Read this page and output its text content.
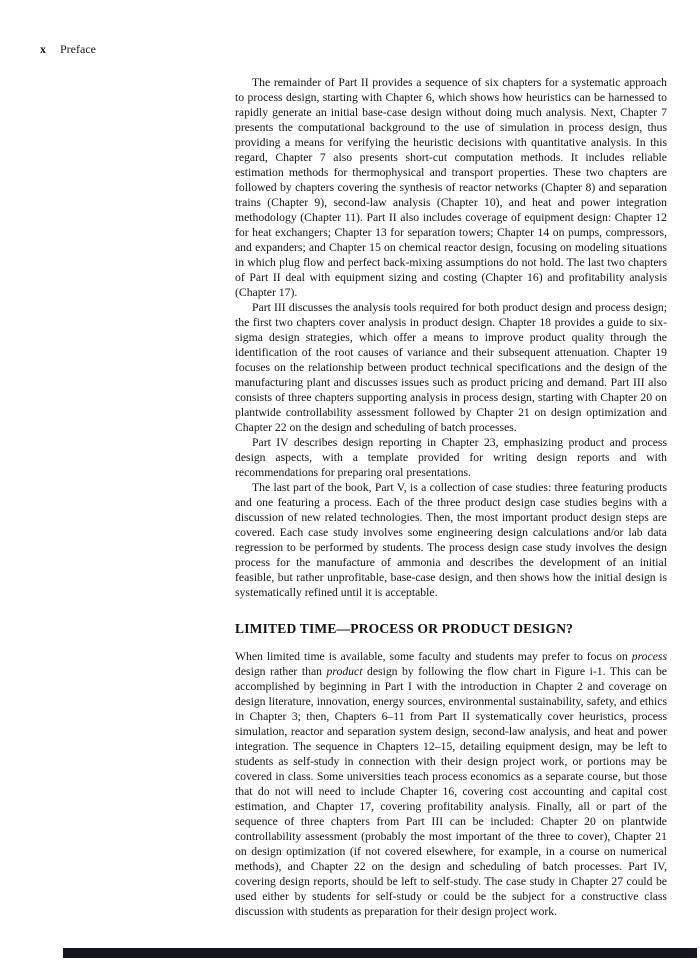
x Preface

The remainder of Part II provides a sequence of six chapters for a systematic approach to process design, starting with Chapter 6, which shows how heuristics can be harnessed to rapidly generate an initial base-case design without doing much analysis. Next, Chapter 7 presents the computational background to the use of simulation in process design, thus providing a means for verifying the heuristic decisions with quantitative analysis. In this regard, Chapter 7 also presents short-cut computation methods. It includes reliable estimation methods for thermophysical and transport properties. These two chapters are followed by chapters covering the synthesis of reactor networks (Chapter 8) and separation trains (Chapter 9), second-law analysis (Chapter 10), and heat and power integration methodology (Chapter 11). Part II also includes coverage of equipment design: Chapter 12 for heat exchangers; Chapter 13 for separation towers; Chapter 14 on pumps, compressors, and expanders; and Chapter 15 on chemical reactor design, focusing on modeling situations in which plug flow and perfect back-mixing assumptions do not hold. The last two chapters of Part II deal with equipment sizing and costing (Chapter 16) and profitability analysis (Chapter 17).

Part III discusses the analysis tools required for both product design and process design; the first two chapters cover analysis in product design. Chapter 18 provides a guide to six-sigma design strategies, which offer a means to improve product quality through the identification of the root causes of variance and their subsequent attenuation. Chapter 19 focuses on the relationship between product technical specifications and the design of the manufacturing plant and discusses issues such as product pricing and demand. Part III also consists of three chapters supporting analysis in process design, starting with Chapter 20 on plantwide controllability assessment followed by Chapter 21 on design optimization and Chapter 22 on the design and scheduling of batch processes.

Part IV describes design reporting in Chapter 23, emphasizing product and process design aspects, with a template provided for writing design reports and with recommendations for preparing oral presentations.

The last part of the book, Part V, is a collection of case studies: three featuring products and one featuring a process. Each of the three product design case studies begins with a discussion of new related technologies. Then, the most important product design steps are covered. Each case study involves some engineering design calculations and/or lab data regression to be performed by students. The process design case study involves the design process for the manufacture of ammonia and describes the development of an initial feasible, but rather unprofitable, base-case design, and then shows how the initial design is systematically refined until it is acceptable.

LIMITED TIME—PROCESS OR PRODUCT DESIGN?

When limited time is available, some faculty and students may prefer to focus on process design rather than product design by following the flow chart in Figure i-1. This can be accomplished by beginning in Part I with the introduction in Chapter 2 and coverage on design literature, innovation, energy sources, environmental sustainability, safety, and ethics in Chapter 3; then, Chapters 6–11 from Part II systematically cover heuristics, process simulation, reactor and separation system design, second-law analysis, and heat and power integration. The sequence in Chapters 12–15, detailing equipment design, may be left to students as self-study in connection with their design project work, or portions may be covered in class. Some universities teach process economics as a separate course, but those that do not will need to include Chapter 16, covering cost accounting and capital cost estimation, and Chapter 17, covering profitability analysis. Finally, all or part of the sequence of three chapters from Part III can be included: Chapter 20 on plantwide controllability assessment (probably the most important of the three to cover), Chapter 21 on design optimization (if not covered elsewhere, for example, in a course on numerical methods), and Chapter 22 on the design and scheduling of batch processes. Part IV, covering design reports, should be left to self-study. The case study in Chapter 27 could be used either by students for self-study or could be the subject for a constructive class discussion with students as preparation for their design project work.
